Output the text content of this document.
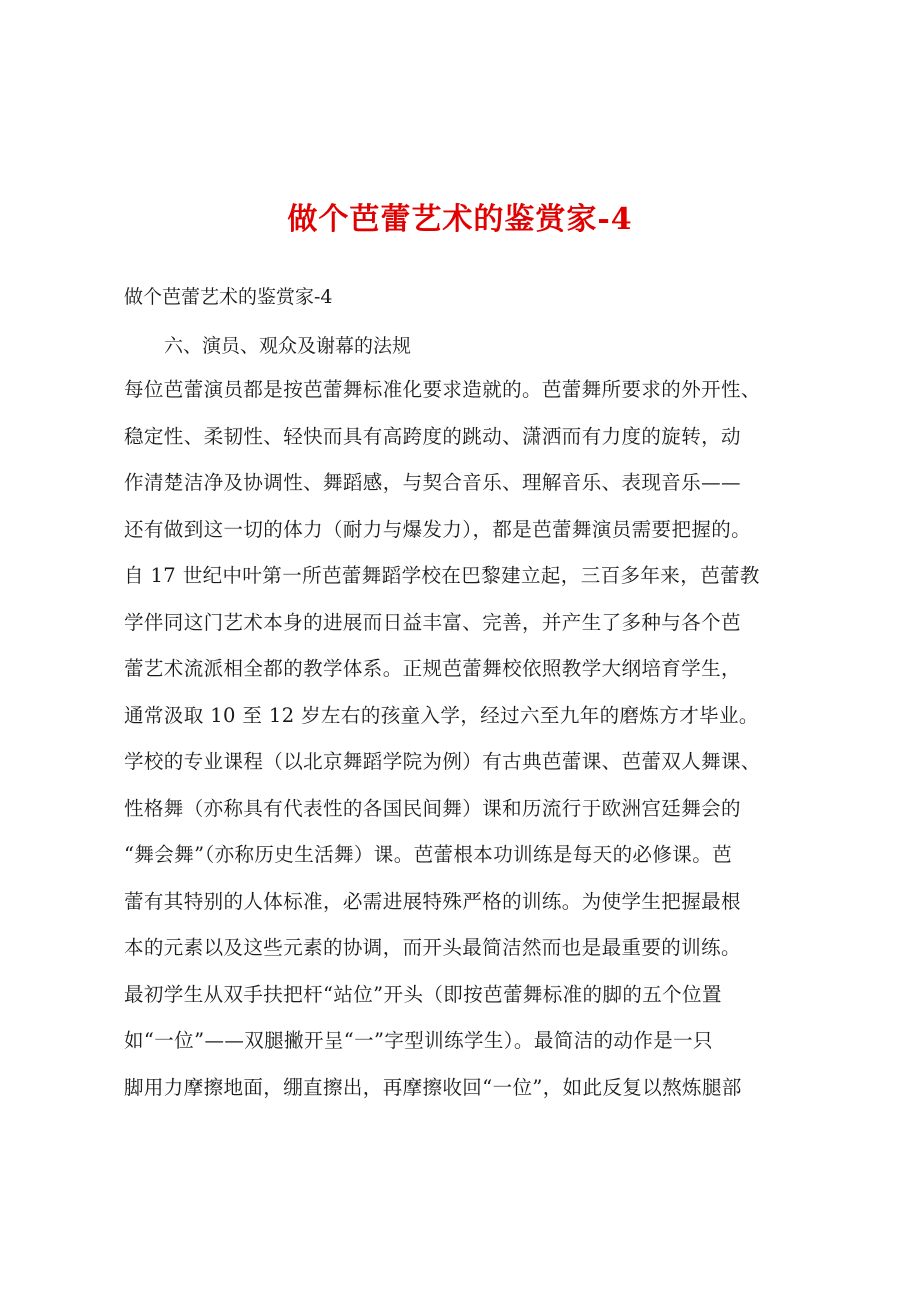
做个芭蕾艺术的鉴赏家-4

做个芭蕾艺术的鉴赏家-4

六、演员、观众及谢幕的法规

每位芭蕾演员都是按芭蕾舞标准化要求造就的。芭蕾舞所要求的外开性、
稳定性、柔韧性、轻快而具有高跨度的跳动、潇洒而有力度的旋转，动
作清楚洁净及协调性、舞蹈感，与契合音乐、理解音乐、表现音乐——
还有做到这一切的体力（耐力与爆发力），都是芭蕾舞演员需要把握的。
自 17 世纪中叶第一所芭蕾舞蹈学校在巴黎建立起，三百多年来，芭蕾教
学伴同这门艺术本身的进展而日益丰富、完善，并产生了多种与各个芭
蕾艺术流派相全都的教学体系。正规芭蕾舞校依照教学大纲培育学生，
通常汲取 10 至 12 岁左右的孩童入学，经过六至九年的磨炼方才毕业。
学校的专业课程（以北京舞蹈学院为例）有古典芭蕾课、芭蕾双人舞课、
性格舞（亦称具有代表性的各国民间舞）课和历流行于欧洲宫廷舞会的
“舞会舞”（亦称历史生活舞）课。芭蕾根本功训练是每天的必修课。芭
蕾有其特别的人体标准，必需进展特殊严格的训练。为使学生把握最根
本的元素以及这些元素的协调，而开头最简洁然而也是最重要的训练。
最初学生从双手扶把杆“站位”开头（即按芭蕾舞标准的脚的五个位置
如“一位”——双腿撇开呈“一”字型训练学生）。最简洁的动作是一只
脚用力摩擦地面，绷直擦出，再摩擦收回“一位”，如此反复以熬炼腿部
